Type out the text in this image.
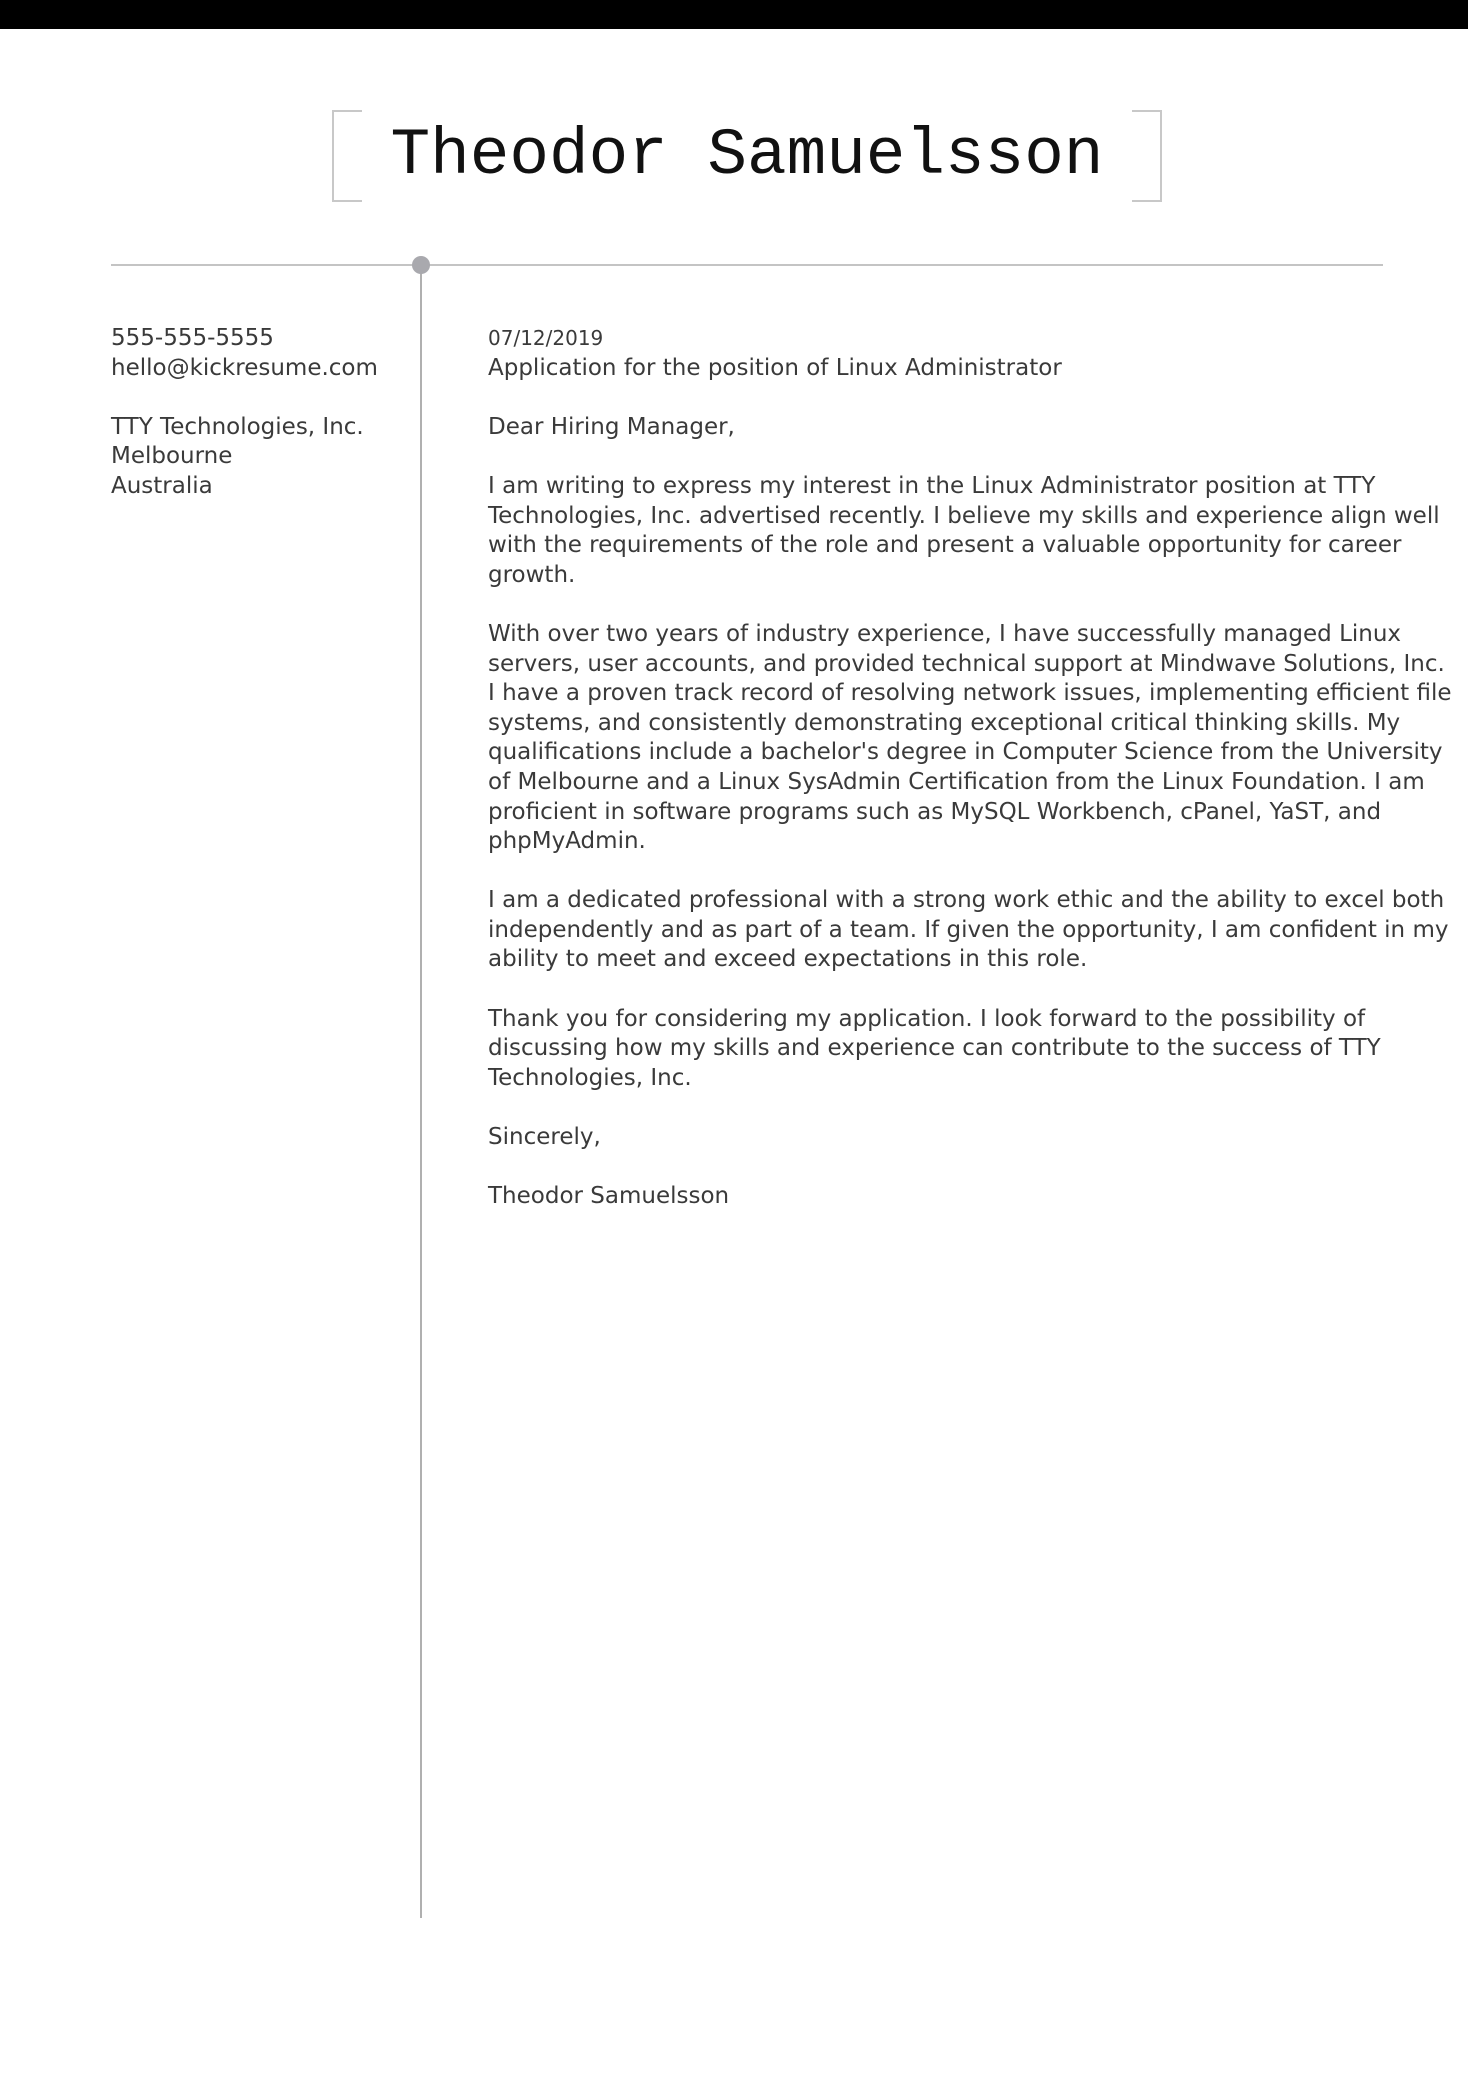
Theodor Samuelsson
555-555-5555
hello@kickresume.com
TTY Technologies, Inc.
Melbourne
Australia
07/12/2019
Application for the position of Linux Administrator

Dear Hiring Manager,

I am writing to express my interest in the Linux Administrator position at TTY
Technologies, Inc. advertised recently. I believe my skills and experience align well
with the requirements of the role and present a valuable opportunity for career
growth.

With over two years of industry experience, I have successfully managed Linux
servers, user accounts, and provided technical support at Mindwave Solutions, Inc.
I have a proven track record of resolving network issues, implementing efficient file
systems, and consistently demonstrating exceptional critical thinking skills. My
qualifications include a bachelor's degree in Computer Science from the University
of Melbourne and a Linux SysAdmin Certification from the Linux Foundation. I am
proficient in software programs such as MySQL Workbench, cPanel, YaST, and
phpMyAdmin.

I am a dedicated professional with a strong work ethic and the ability to excel both
independently and as part of a team. If given the opportunity, I am confident in my
ability to meet and exceed expectations in this role.

Thank you for considering my application. I look forward to the possibility of
discussing how my skills and experience can contribute to the success of TTY
Technologies, Inc.

Sincerely,

Theodor Samuelsson
